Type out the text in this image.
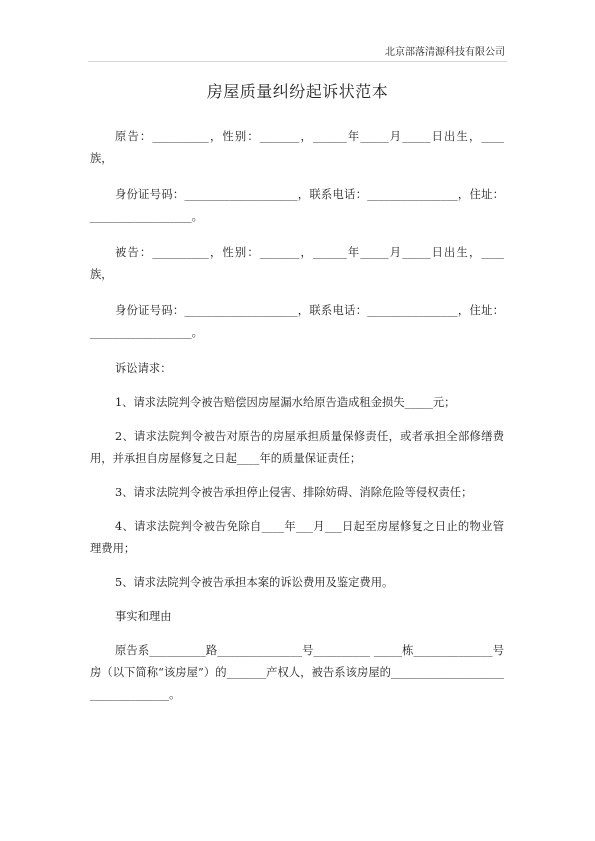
北京部落清源科技有限公司
房屋质量纠纷起诉状范本

原告：__________，性别：_______，______年_____月_____日出生，____族，

身份证号码：____________________，联系电话：________________，住址：__________________。

被告：__________，性别：_______，______年_____月_____日出生，____族，

身份证号码：____________________，联系电话：________________，住址：__________________。

诉讼请求：

1、请求法院判令被告赔偿因房屋漏水给原告造成租金损失_____元；

2、请求法院判令被告对原告的房屋承担质量保修责任，或者承担全部修缮费用，并承担自房屋修复之日起____年的质量保证责任；

3、请求法院判令被告承担停止侵害、排除妨碍、消除危险等侵权责任；

4、请求法院判令被告免除自____年___月___日起至房屋修复之日止的物业管理费用；

5、请求法院判令被告承担本案的诉讼费用及鉴定费用。

事实和理由

原告系__________路_______________号__________ _____栋______________号房（以下简称“该房屋”）的_______产权人，被告系该房屋的__________________________________。
